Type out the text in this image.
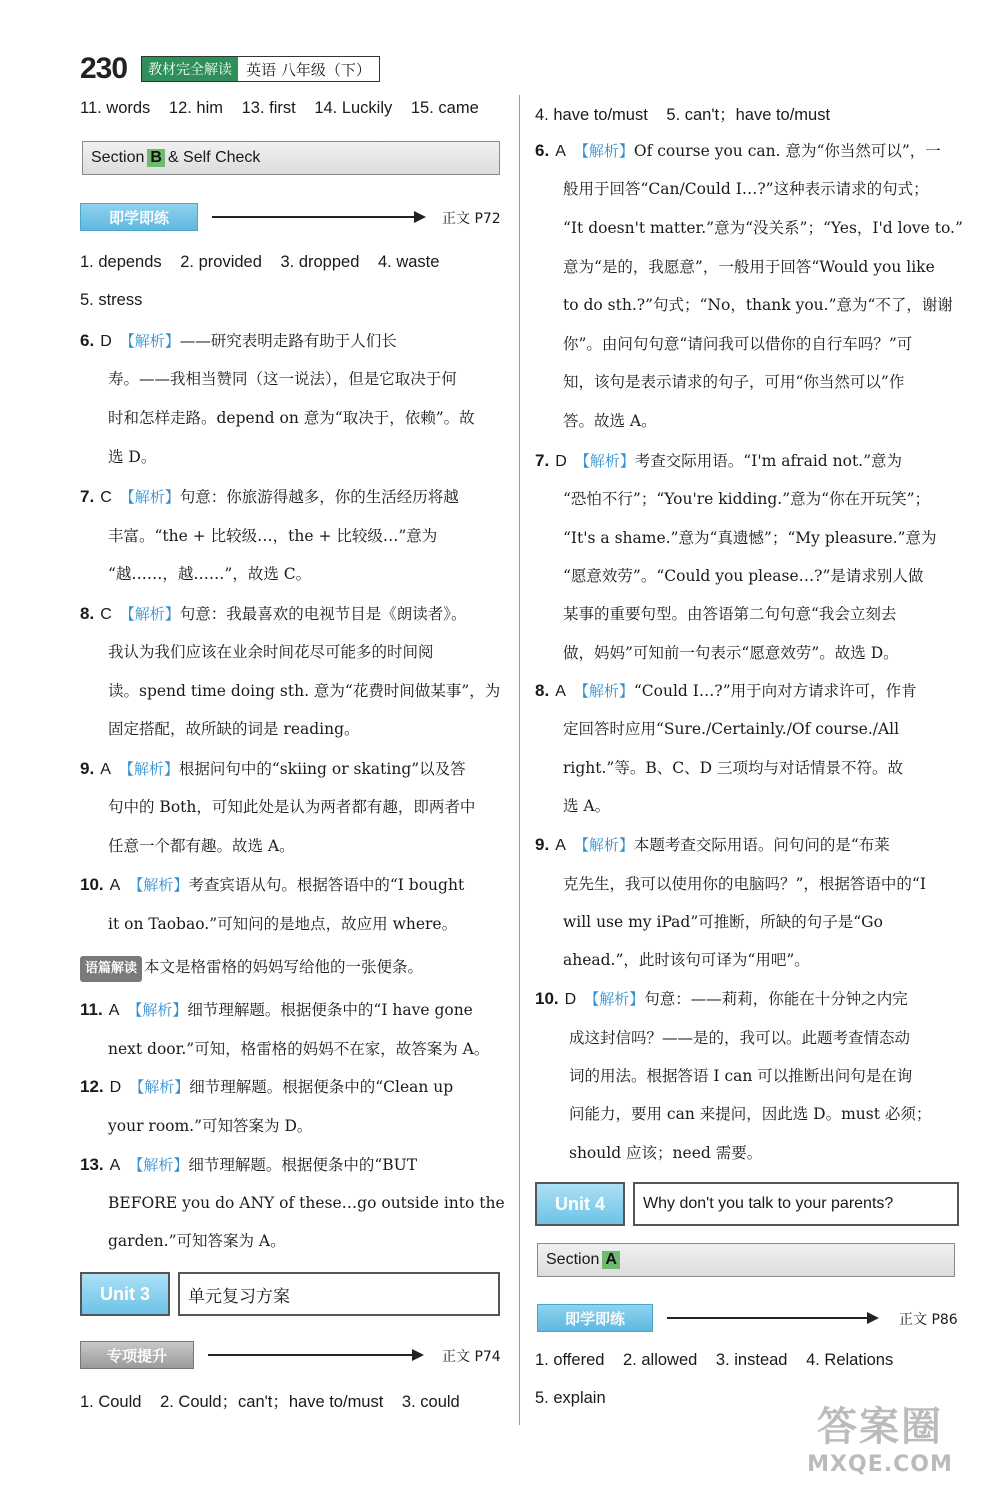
230	教材完全解读 英语 八年级（下）
11. words 12. him 13. first 14. Luckily 15. came
Section B & Self Check
即学即练	正文 P72
1. depends 2. provided 3. dropped 4. waste
5. stress
6. D 【解析】——研究表明走路有助于人们长
寿。——我相当赞同（这一说法），但是它取决于何
时和怎样走路。depend on 意为“取决于，依赖”。故
选 D。
7. C 【解析】句意：你旅游得越多，你的生活经历将越
丰富。“the + 比较级…，the + 比较级…”意为
“越……，越……”，故选 C。
8. C 【解析】句意：我最喜欢的电视节目是《朗读者》。
我认为我们应该在业余时间花尽可能多的时间阅
读。spend time doing sth. 意为“花费时间做某事”，为
固定搭配，故所缺的词是 reading。
9. A 【解析】根据问句中的“skiing or skating”以及答
句中的 Both，可知此处是认为两者都有趣，即两者中
任意一个都有趣。故选 A。
10. A 【解析】考查宾语从句。根据答语中的“I bought
it on Taobao.”可知问的是地点，故应用 where。
语篇解读 本文是格雷格的妈妈写给他的一张便条。
11. A 【解析】细节理解题。根据便条中的“I have gone
next door.”可知，格雷格的妈妈不在家，故答案为 A。
12. D 【解析】细节理解题。根据便条中的“Clean up
your room.”可知答案为 D。
13. A 【解析】细节理解题。根据便条中的“BUT
BEFORE you do ANY of these…go outside into the
garden.”可知答案为 A。
Unit 3	单元复习方案
专项提升	正文 P74
1. Could 2. Could；can't；have to/must 3. could
4. have to/must 5. can't；have to/must
6. A 【解析】Of course you can. 意为“你当然可以”，一
般用于回答“Can/Could I…?”这种表示请求的句式；
“It doesn't matter.”意为“没关系”；“Yes，I'd love to.”
意为“是的，我愿意”，一般用于回答“Would you like
to do sth.?”句式；“No，thank you.”意为“不了，谢谢
你”。由问句句意“请问我可以借你的自行车吗？”可
知，该句是表示请求的句子，可用“你当然可以”作
答。故选 A。
7. D 【解析】考查交际用语。“I'm afraid not.”意为
“恐怕不行”；“You're kidding.”意为“你在开玩笑”；
“It's a shame.”意为“真遗憾”；“My pleasure.”意为
“愿意效劳”。“Could you please…?”是请求别人做
某事的重要句型。由答语第二句句意“我会立刻去
做，妈妈”可知前一句表示“愿意效劳”。故选 D。
8. A 【解析】“Could I…?”用于向对方请求许可，作肯
定回答时应用“Sure./Certainly./Of course./All
right.”等。B、C、D 三项均与对话情景不符。故
选 A。
9. A 【解析】本题考查交际用语。问句问的是“布莱
克先生，我可以使用你的电脑吗？”，根据答语中的“I
will use my iPad”可推断，所缺的句子是“Go
ahead.”，此时该句可译为“用吧”。
10. D 【解析】句意：——莉莉，你能在十分钟之内完
成这封信吗？——是的，我可以。此题考查情态动
词的用法。根据答语 I can 可以推断出问句是在询
问能力，要用 can 来提问，因此选 D。must 必须；
should 应该；need 需要。
Unit 4	Why don't you talk to your parents?
Section A
即学即练	正文 P86
1. offered 2. allowed 3. instead 4. Relations
5. explain
答案圈
MXQE.COM
